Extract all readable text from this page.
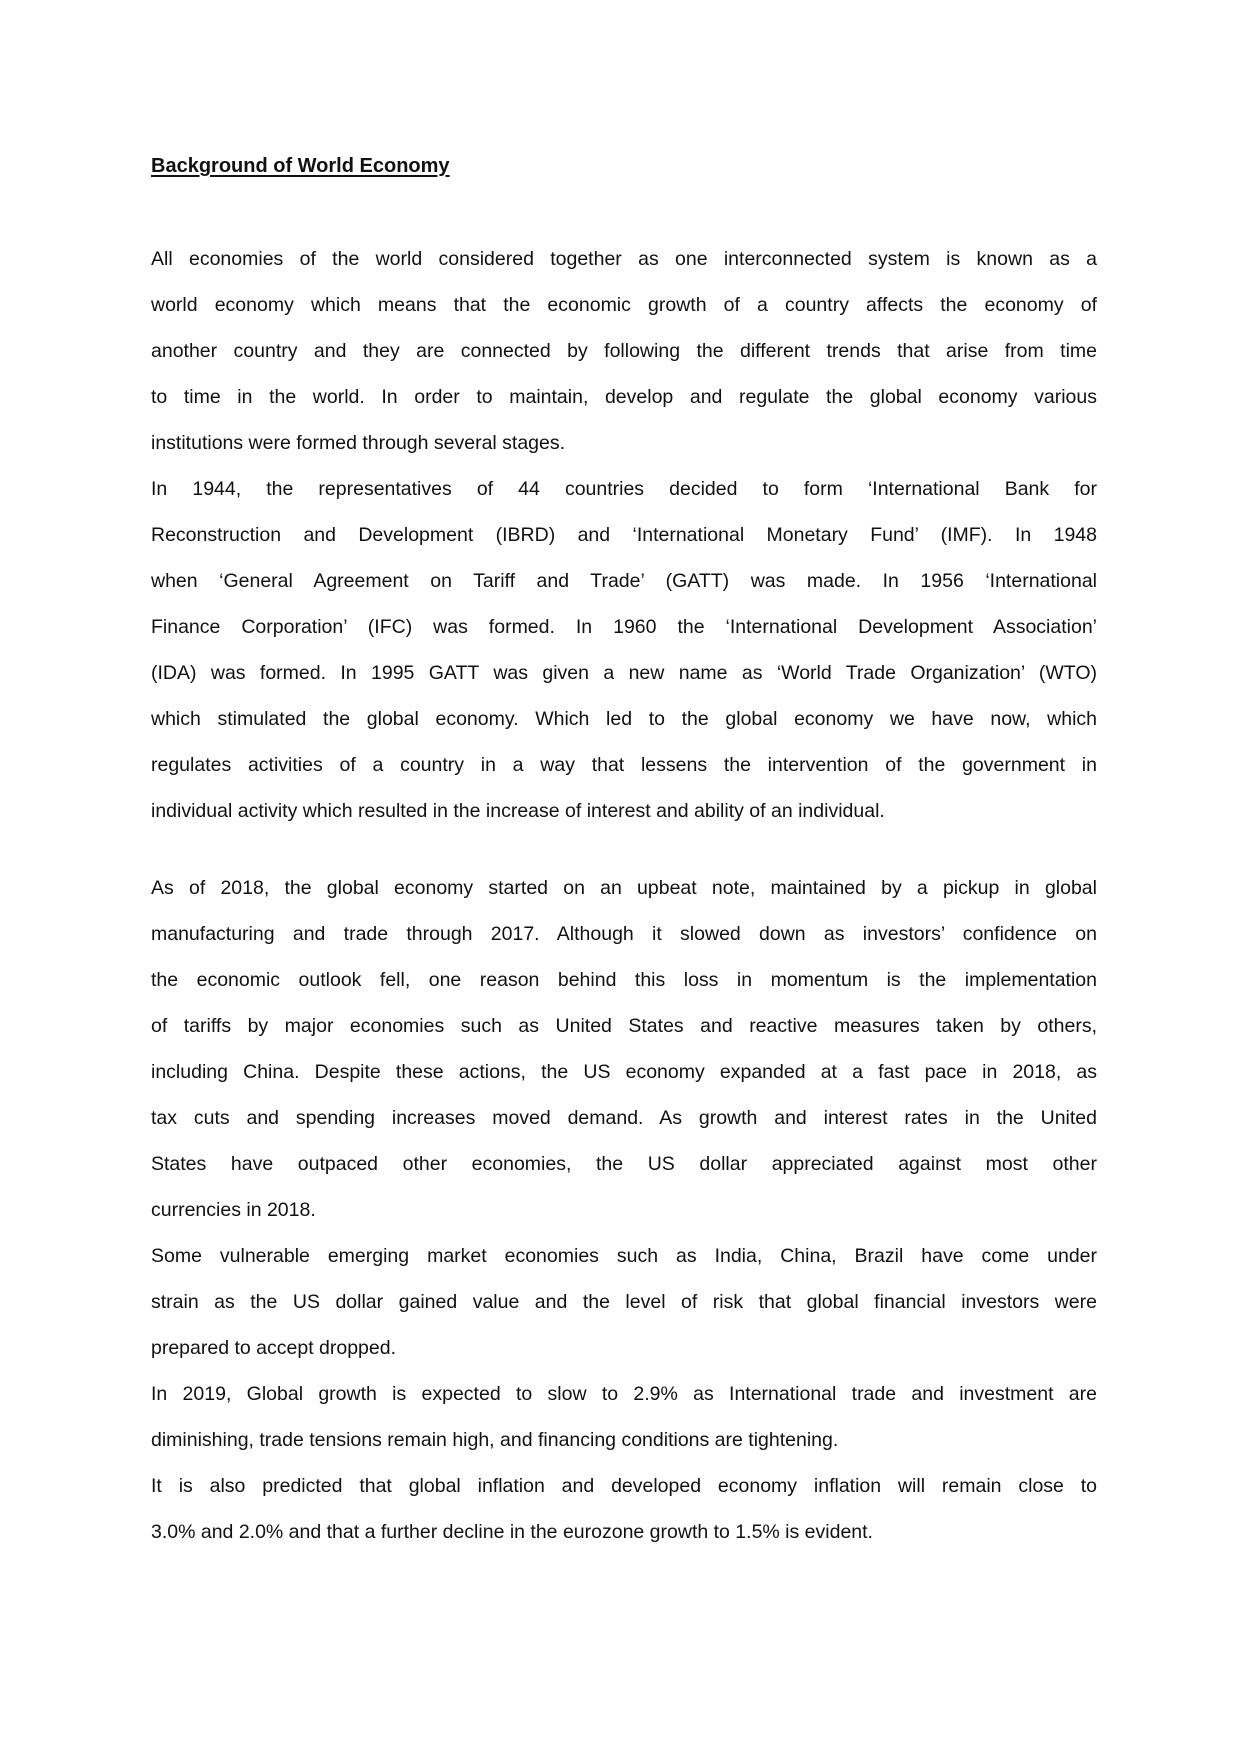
Background of World Economy
All economies of the world considered together as one interconnected system is known as a
world economy which means that the economic growth of a country affects the economy of
another country and they are connected by following the different trends that arise from time
to time in the world. In order to maintain, develop and regulate the global economy various
institutions were formed through several stages.
In 1944, the representatives of 44 countries decided to form ‘International Bank for
Reconstruction and Development (IBRD) and ‘International Monetary Fund’ (IMF). In 1948
when ‘General Agreement on Tariff and Trade’ (GATT) was made. In 1956 ‘International
Finance Corporation’ (IFC) was formed. In 1960 the ‘International Development Association’
(IDA) was formed. In 1995 GATT was given a new name as ‘World Trade Organization’ (WTO)
which stimulated the global economy. Which led to the global economy we have now, which
regulates activities of a country in a way that lessens the intervention of the government in
individual activity which resulted in the increase of interest and ability of an individual.
As of 2018, the global economy started on an upbeat note, maintained by a pickup in global
manufacturing and trade through 2017. Although it slowed down as investors’ confidence on
the economic outlook fell, one reason behind this loss in momentum is the implementation
of tariffs by major economies such as United States and reactive measures taken by others,
including China. Despite these actions, the US economy expanded at a fast pace in 2018, as
tax cuts and spending increases moved demand. As growth and interest rates in the United
States have outpaced other economies, the US dollar appreciated against most other
currencies in 2018.
Some vulnerable emerging market economies such as India, China, Brazil have come under
strain as the US dollar gained value and the level of risk that global financial investors were
prepared to accept dropped.
In 2019, Global growth is expected to slow to 2.9% as International trade and investment are
diminishing, trade tensions remain high, and financing conditions are tightening.
It is also predicted that global inflation and developed economy inflation will remain close to
3.0% and 2.0% and that a further decline in the eurozone growth to 1.5% is evident.
